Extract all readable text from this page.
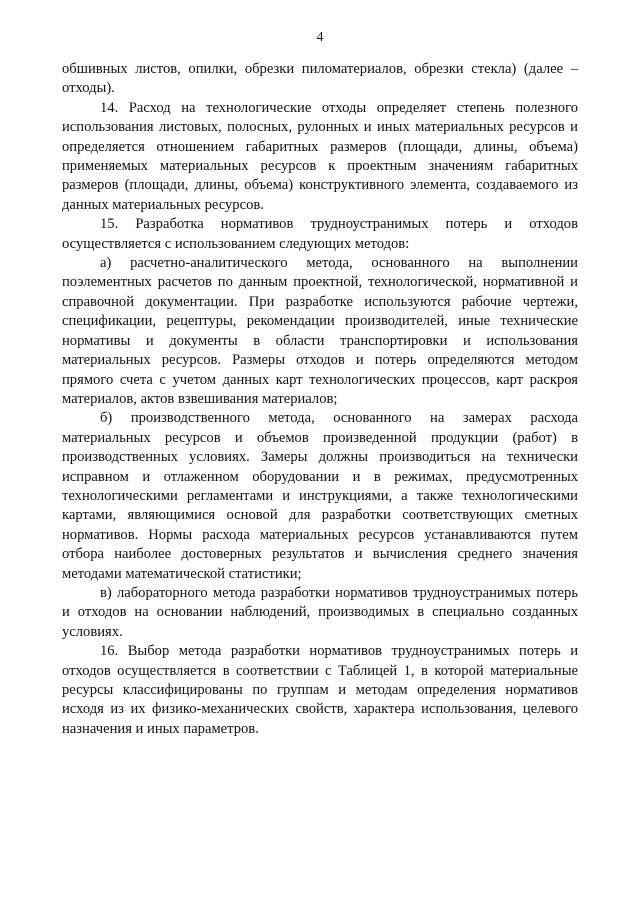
4

обшивных листов, опилки, обрезки пиломатериалов, обрезки стекла) (далее – отходы).

14. Расход на технологические отходы определяет степень полезного использования листовых, полосных, рулонных и иных материальных ресурсов и определяется отношением габаритных размеров (площади, длины, объема) применяемых материальных ресурсов к проектным значениям габаритных размеров (площади, длины, объема) конструктивного элемента, создаваемого из данных материальных ресурсов.

15. Разработка нормативов трудноустранимых потерь и отходов осуществляется с использованием следующих методов:

а) расчетно-аналитического метода, основанного на выполнении поэлементных расчетов по данным проектной, технологической, нормативной и справочной документации. При разработке используются рабочие чертежи, спецификации, рецептуры, рекомендации производителей, иные технические нормативы и документы в области транспортировки и использования материальных ресурсов. Размеры отходов и потерь определяются методом прямого счета с учетом данных карт технологических процессов, карт раскроя материалов, актов взвешивания материалов;

б) производственного метода, основанного на замерах расхода материальных ресурсов и объемов произведенной продукции (работ) в производственных условиях. Замеры должны производиться на технически исправном и отлаженном оборудовании и в режимах, предусмотренных технологическими регламентами и инструкциями, а также технологическими картами, являющимися основой для разработки соответствующих сметных нормативов. Нормы расхода материальных ресурсов устанавливаются путем отбора наиболее достоверных результатов и вычисления среднего значения методами математической статистики;

в) лабораторного метода разработки нормативов трудноустранимых потерь и отходов на основании наблюдений, производимых в специально созданных условиях.

16. Выбор метода разработки нормативов трудноустранимых потерь и отходов осуществляется в соответствии с Таблицей 1, в которой материальные ресурсы классифицированы по группам и методам определения нормативов исходя из их физико-механических свойств, характера использования, целевого назначения и иных параметров.
